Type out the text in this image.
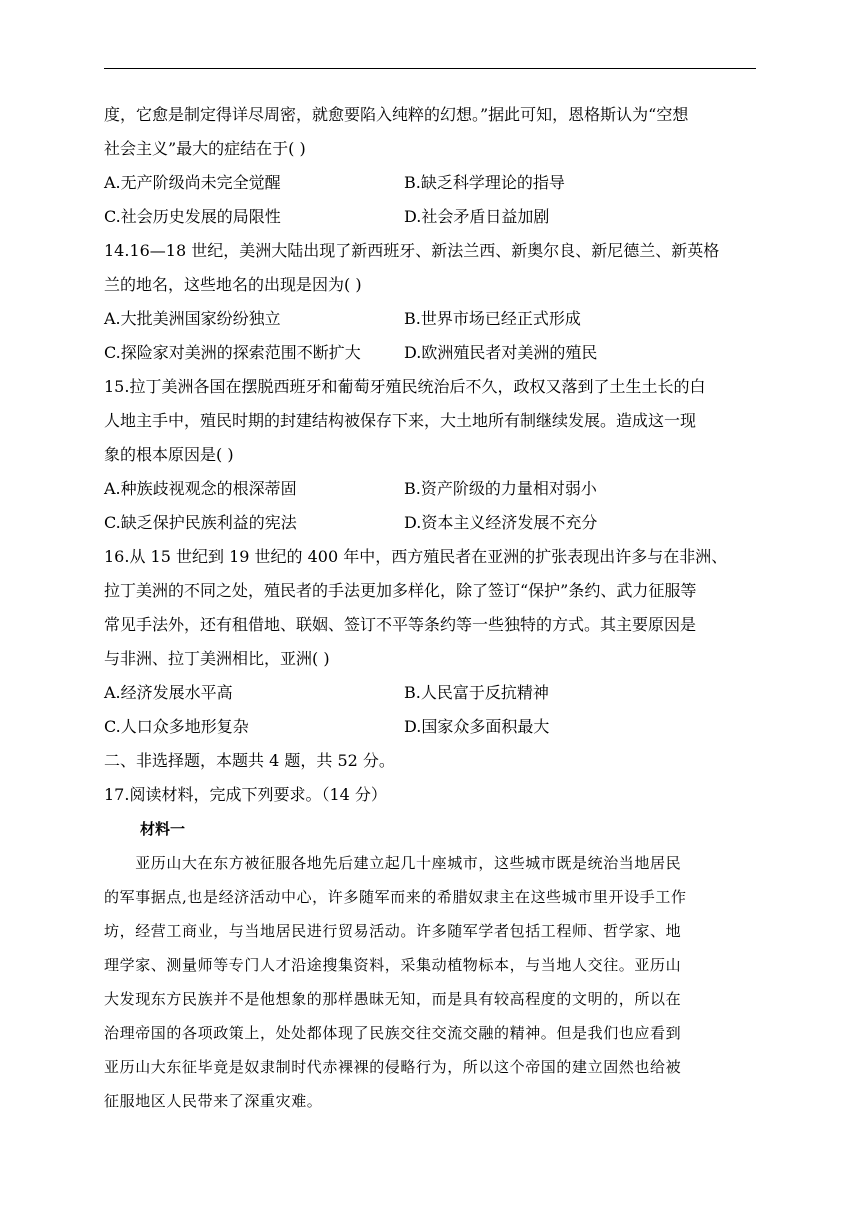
度，它愈是制定得详尽周密，就愈要陷入纯粹的幻想。”据此可知，恩格斯认为“空想
社会主义”最大的症结在于( )
A.无产阶级尚未完全觉醒	B.缺乏科学理论的指导
C.社会历史发展的局限性	D.社会矛盾日益加剧
14.16—18 世纪，美洲大陆出现了新西班牙、新法兰西、新奥尔良、新尼德兰、新英格
兰的地名，这些地名的出现是因为( )
A.大批美洲国家纷纷独立	B.世界市场已经正式形成
C.探险家对美洲的探索范围不断扩大	D.欧洲殖民者对美洲的殖民
15.拉丁美洲各国在摆脱西班牙和葡萄牙殖民统治后不久，政权又落到了土生土长的白
人地主手中，殖民时期的封建结构被保存下来，大土地所有制继续发展。造成这一现
象的根本原因是( )
A.种族歧视观念的根深蒂固	B.资产阶级的力量相对弱小
C.缺乏保护民族利益的宪法	D.资本主义经济发展不充分
16.从 15 世纪到 19 世纪的 400 年中，西方殖民者在亚洲的扩张表现出许多与在非洲、
拉丁美洲的不同之处，殖民者的手法更加多样化，除了签订“保护”条约、武力征服等
常见手法外，还有租借地、联姻、签订不平等条约等一些独特的方式。其主要原因是
与非洲、拉丁美洲相比，亚洲( )
A.经济发展水平高	B.人民富于反抗精神
C.人口众多地形复杂	D.国家众多面积最大
二、非选择题，本题共 4 题，共 52 分。
17.阅读材料，完成下列要求。（14 分）
材料一
　　亚历山大在东方被征服各地先后建立起几十座城市，这些城市既是统治当地居民
的军事据点,也是经济活动中心，许多随军而来的希腊奴隶主在这些城市里开设手工作
坊，经营工商业，与当地居民进行贸易活动。许多随军学者包括工程师、哲学家、地
理学家、测量师等专门人才沿途搜集资料，采集动植物标本，与当地人交往。亚历山
大发现东方民族并不是他想象的那样愚昧无知，而是具有较高程度的文明的，所以在
治理帝国的各项政策上，处处都体现了民族交往交流交融的精神。但是我们也应看到
亚历山大东征毕竟是奴隶制时代赤裸裸的侵略行为，所以这个帝国的建立固然也给被
征服地区人民带来了深重灾难。
